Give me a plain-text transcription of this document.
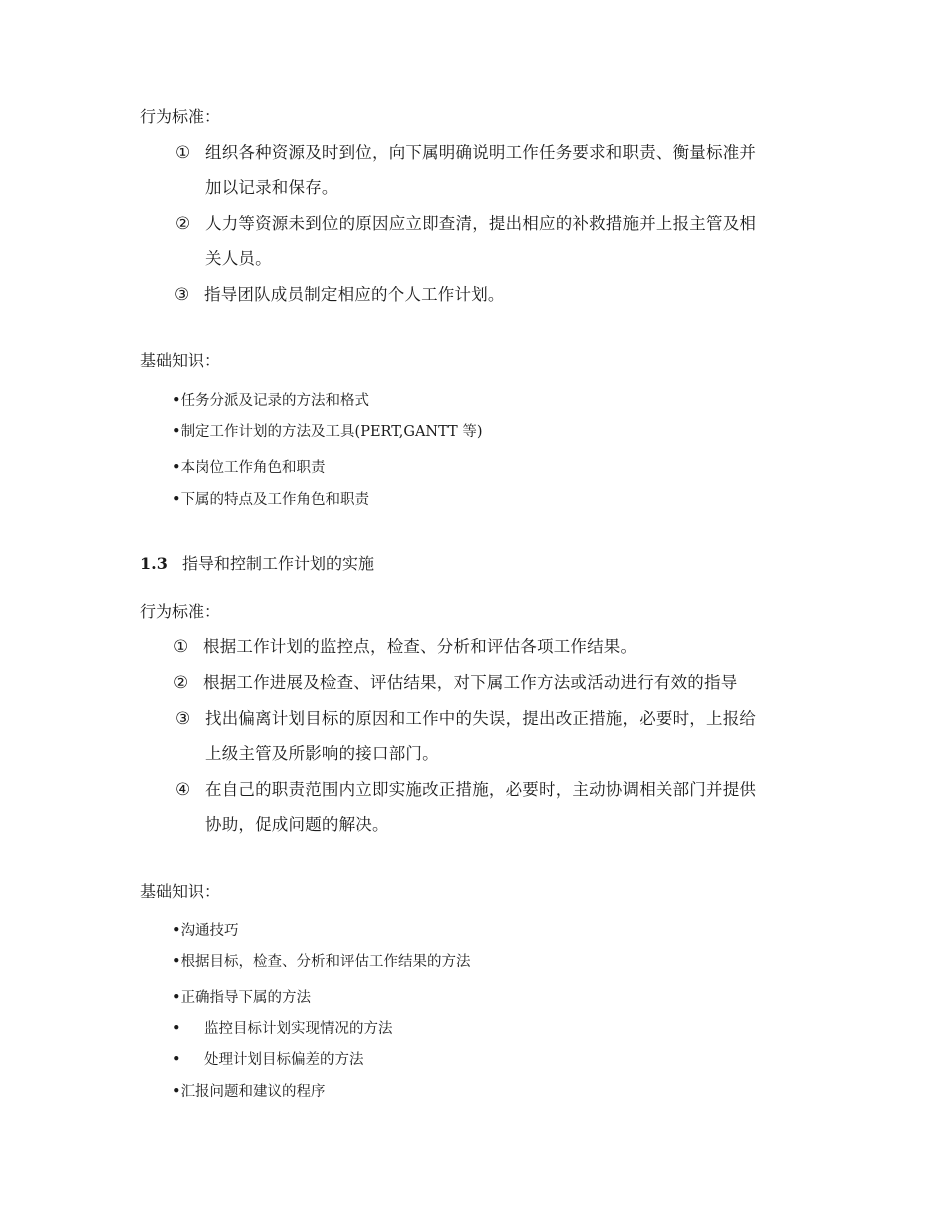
行为标准：
① 组织各种资源及时到位，向下属明确说明工作任务要求和职责、衡量标准并
加以记录和保存。
② 人力等资源未到位的原因应立即查清，提出相应的补救措施并上报主管及相
关人员。
③ 指导团队成员制定相应的个人工作计划。
基础知识：
•任务分派及记录的方法和格式
•制定工作计划的方法及工具(PERT,GANTT 等)
•本岗位工作角色和职责
•下属的特点及工作角色和职责
1.3 指导和控制工作计划的实施
行为标准：
① 根据工作计划的监控点，检查、分析和评估各项工作结果。
② 根据工作进展及检查、评估结果，对下属工作方法或活动进行有效的指导
③ 找出偏离计划目标的原因和工作中的失误，提出改正措施，必要时，上报给
上级主管及所影响的接口部门。
④ 在自己的职责范围内立即实施改正措施，必要时，主动协调相关部门并提供
协助，促成问题的解决。
基础知识：
•沟通技巧
•根据目标，检查、分析和评估工作结果的方法
•正确指导下属的方法
• 监控目标计划实现情况的方法
• 处理计划目标偏差的方法
•汇报问题和建议的程序
